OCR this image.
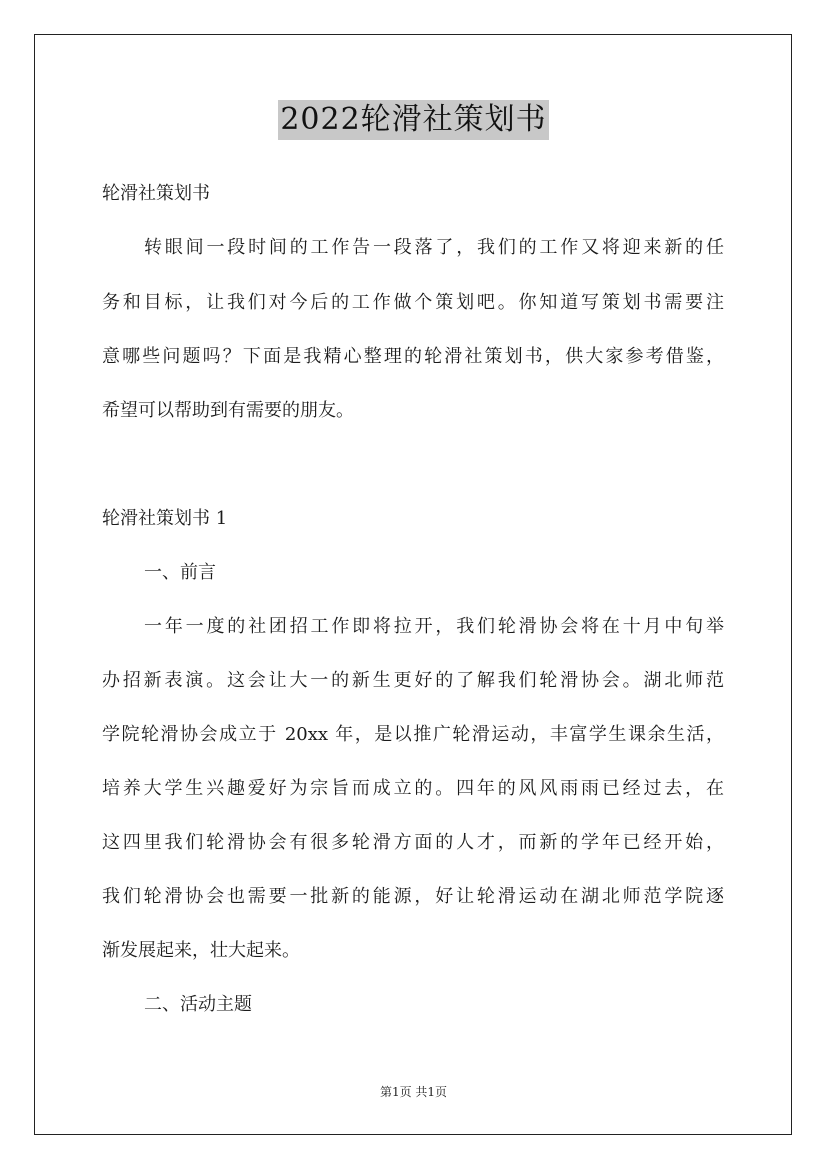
2022轮滑社策划书
轮滑社策划书
转眼间一段时间的工作告一段落了，我们的工作又将迎来新的任
务和目标，让我们对今后的工作做个策划吧。你知道写策划书需要注
意哪些问题吗？下面是我精心整理的轮滑社策划书，供大家参考借鉴，
希望可以帮助到有需要的朋友。
轮滑社策划书 1
一、前言
一年一度的社团招工作即将拉开，我们轮滑协会将在十月中旬举
办招新表演。这会让大一的新生更好的了解我们轮滑协会。湖北师范
学院轮滑协会成立于 20xx 年，是以推广轮滑运动，丰富学生课余生活，
培养大学生兴趣爱好为宗旨而成立的。四年的风风雨雨已经过去，在
这四里我们轮滑协会有很多轮滑方面的人才，而新的学年已经开始，
我们轮滑协会也需要一批新的能源，好让轮滑运动在湖北师范学院逐
渐发展起来，壮大起来。
二、活动主题
第1页 共1页
